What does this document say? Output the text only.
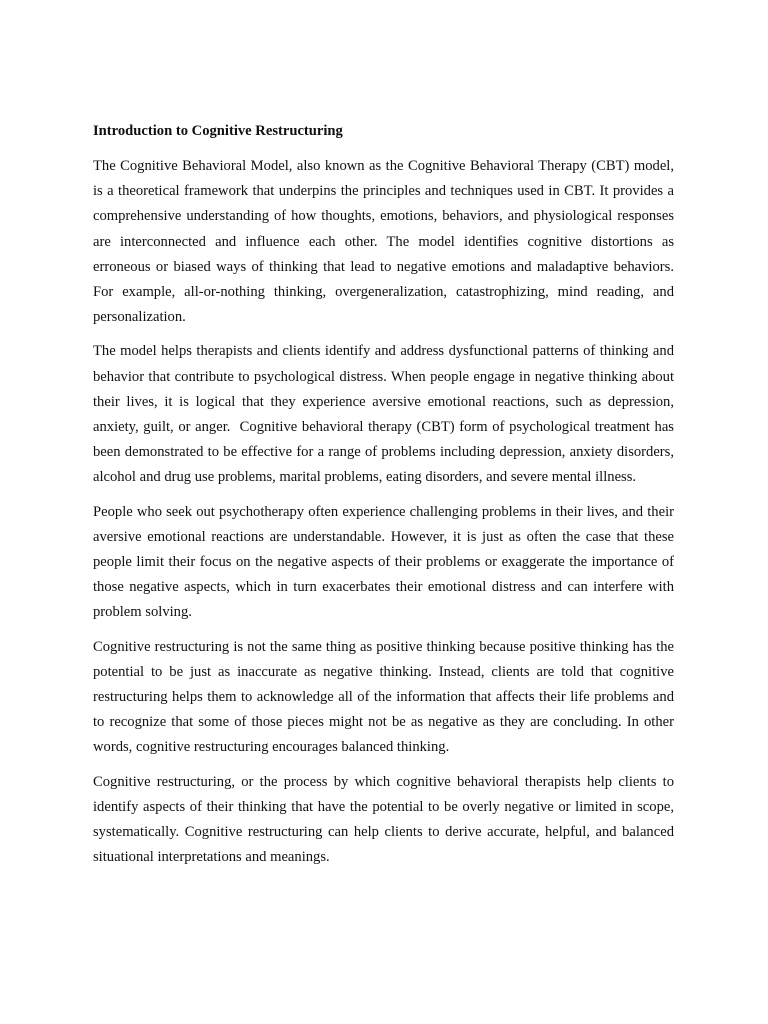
Introduction to Cognitive Restructuring

The Cognitive Behavioral Model, also known as the Cognitive Behavioral Therapy (CBT) model, is a theoretical framework that underpins the principles and techniques used in CBT. It provides a comprehensive understanding of how thoughts, emotions, behaviors, and physiological responses are interconnected and influence each other. The model identifies cognitive distortions as erroneous or biased ways of thinking that lead to negative emotions and maladaptive behaviors. For example, all-or-nothing thinking, overgeneralization, catastrophizing, mind reading, and personalization.

The model helps therapists and clients identify and address dysfunctional patterns of thinking and behavior that contribute to psychological distress. When people engage in negative thinking about their lives, it is logical that they experience aversive emotional reactions, such as depression, anxiety, guilt, or anger.  Cognitive behavioral therapy (CBT) form of psychological treatment has been demonstrated to be effective for a range of problems including depression, anxiety disorders, alcohol and drug use problems, marital problems, eating disorders, and severe mental illness.

People who seek out psychotherapy often experience challenging problems in their lives, and their aversive emotional reactions are understandable. However, it is just as often the case that these people limit their focus on the negative aspects of their problems or exaggerate the importance of those negative aspects, which in turn exacerbates their emotional distress and can interfere with problem solving.

Cognitive restructuring is not the same thing as positive thinking because positive thinking has the potential to be just as inaccurate as negative thinking. Instead, clients are told that cognitive restructuring helps them to acknowledge all of the information that affects their life problems and to recognize that some of those pieces might not be as negative as they are concluding. In other words, cognitive restructuring encourages balanced thinking.

Cognitive restructuring, or the process by which cognitive behavioral therapists help clients to identify aspects of their thinking that have the potential to be overly negative or limited in scope, systematically. Cognitive restructuring can help clients to derive accurate, helpful, and balanced situational interpretations and meanings.
